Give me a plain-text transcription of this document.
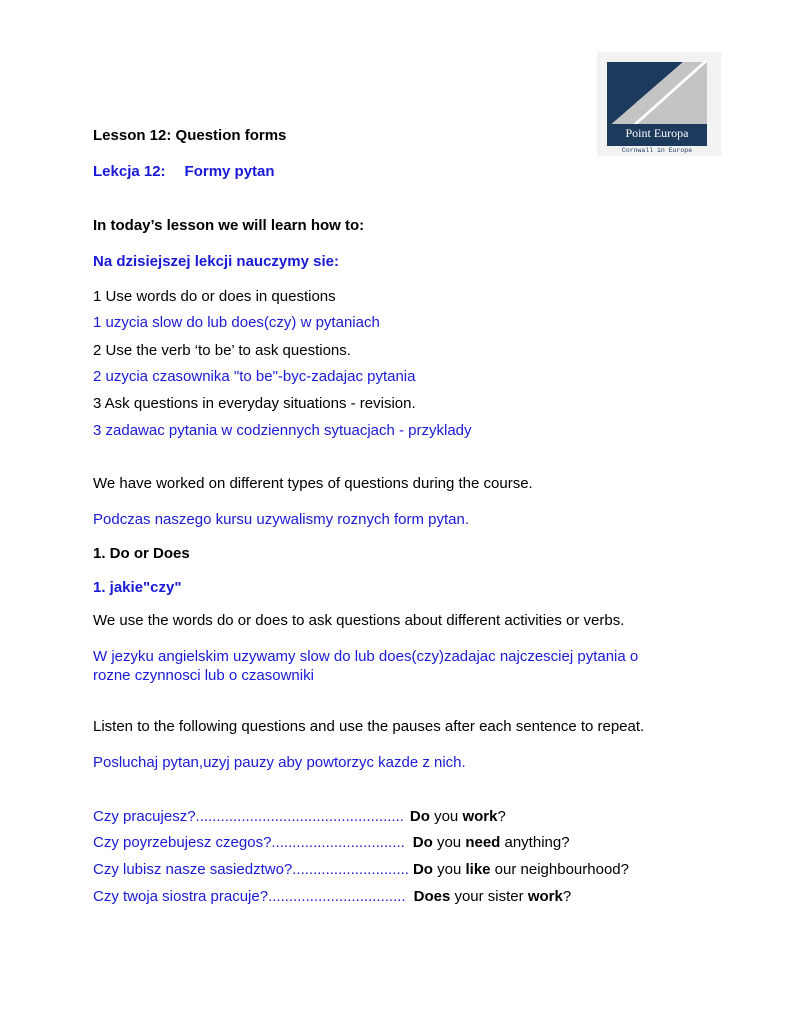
Point Europa
Cornwall in Europe
Lesson 12: Question forms
Lekcja 12: Formy pytan
In today’s lesson we will learn how to:
Na dzisiejszej lekcji nauczymy sie:
1 Use words do or does in questions
1 uzycia slow do lub does(czy) w pytaniach
2 Use the verb ‘to be’ to ask questions.
2 uzycia czasownika "to be"-byc-zadajac pytania
3 Ask questions in everyday situations - revision.
3 zadawac pytania w codziennych sytuacjach - przyklady
We have worked on different types of questions during the course.
Podczas naszego kursu uzywalismy roznych form pytan.
1. Do or Does
1. jakie"czy"
We use the words do or does to ask questions about different activities or verbs.
W jezyku angielskim uzywamy slow do lub does(czy)zadajac najczesciej pytania o rozne czynnosci lub o czasowniki
Listen to the following questions and use the pauses after each sentence to repeat.
Posluchaj pytan,uzyj pauzy aby powtorzyc kazde z nich.
Czy pracujesz?.................................................. Do you work?
Czy poyrzebujesz czegos?................................ Do you need anything?
Czy lubisz nasze sasiedztwo?............................ Do you like our neighbourhood?
Czy twoja siostra pracuje?................................. Does your sister work?
